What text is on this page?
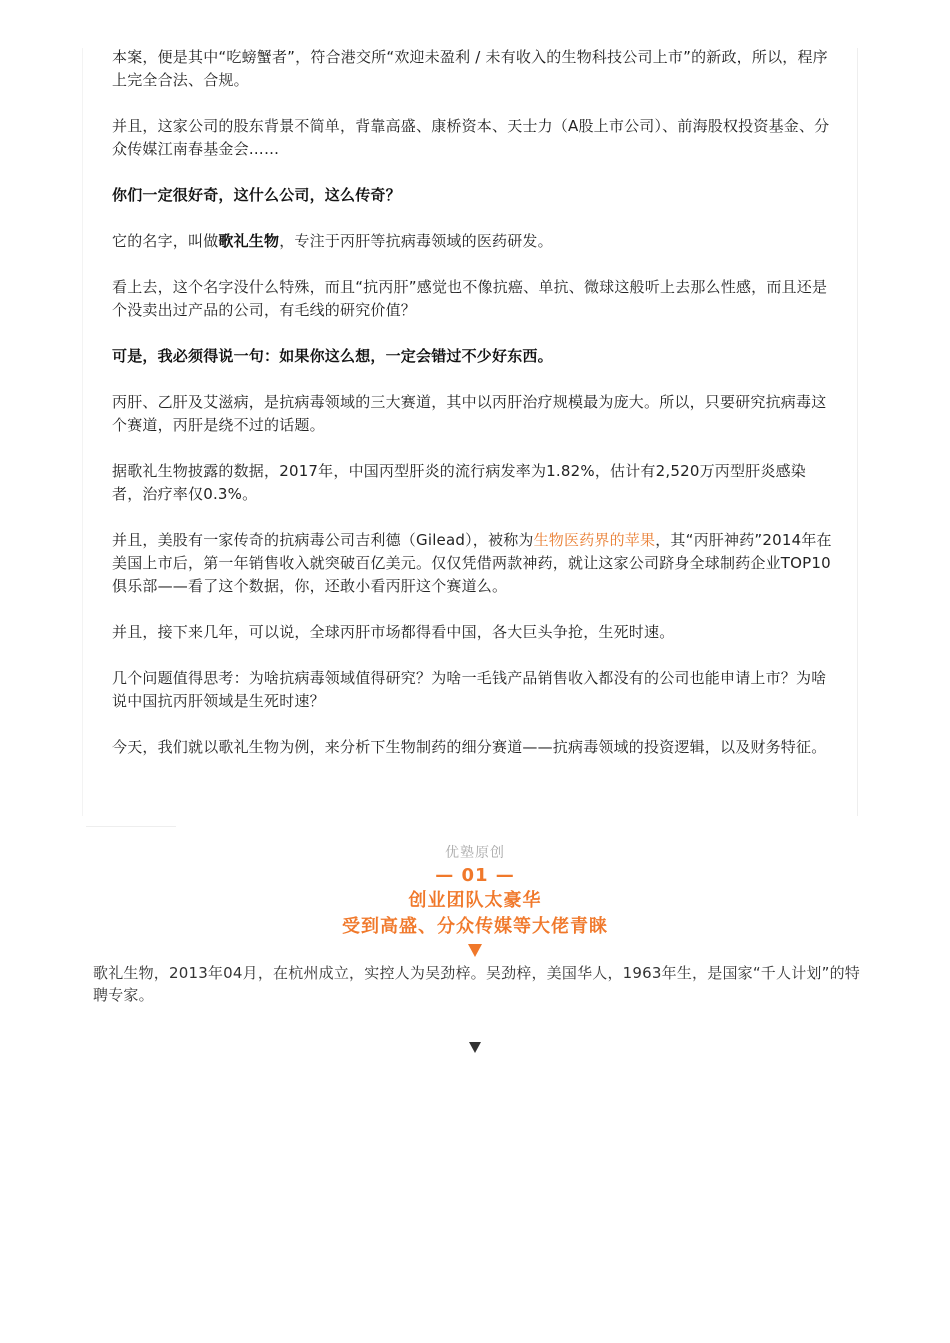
本案，便是其中“吃螃蟹者”，符合港交所“欢迎未盈利 / 未有收入的生物科技公司上市”的新政，所以，程序上完全合法、合规。

并且，这家公司的股东背景不简单，背靠高盛、康桥资本、天士力（A股上市公司）、前海股权投资基金、分众传媒江南春基金会……

你们一定很好奇，这什么公司，这么传奇？

它的名字，叫做歌礼生物，专注于丙肝等抗病毒领域的医药研发。

看上去，这个名字没什么特殊，而且“抗丙肝”感觉也不像抗癌、单抗、微球这般听上去那么性感，而且还是个没卖出过产品的公司，有毛线的研究价值？

可是，我必须得说一句：如果你这么想，一定会错过不少好东西。

丙肝、乙肝及艾滋病，是抗病毒领域的三大赛道，其中以丙肝治疗规模最为庞大。所以，只要研究抗病毒这个赛道，丙肝是绕不过的话题。

据歌礼生物披露的数据，2017年，中国丙型肝炎的流行病发率为1.82%，估计有2,520万丙型肝炎感染者，治疗率仅0.3%。

并且，美股有一家传奇的抗病毒公司吉利德（Gilead），被称为生物医药界的苹果，其“丙肝神药”2014年在美国上市后，第一年销售收入就突破百亿美元。仅仅凭借两款神药，就让这家公司跻身全球制药企业TOP10俱乐部——看了这个数据，你，还敢小看丙肝这个赛道么。

并且，接下来几年，可以说，全球丙肝市场都得看中国，各大巨头争抢，生死时速。

几个问题值得思考：为啥抗病毒领域值得研究？为啥一毛钱产品销售收入都没有的公司也能申请上市？为啥说中国抗丙肝领域是生死时速？

今天，我们就以歌礼生物为例，来分析下生物制药的细分赛道——抗病毒领域的投资逻辑，以及财务特征。

优塾原创
— 01 —
创业团队太豪华
受到高盛、分众传媒等大佬青睐
歌礼生物，2013年04月，在杭州成立，实控人为吴劲梓。吴劲梓，美国华人，1963年生，是国家“千人计划”的特聘专家。
